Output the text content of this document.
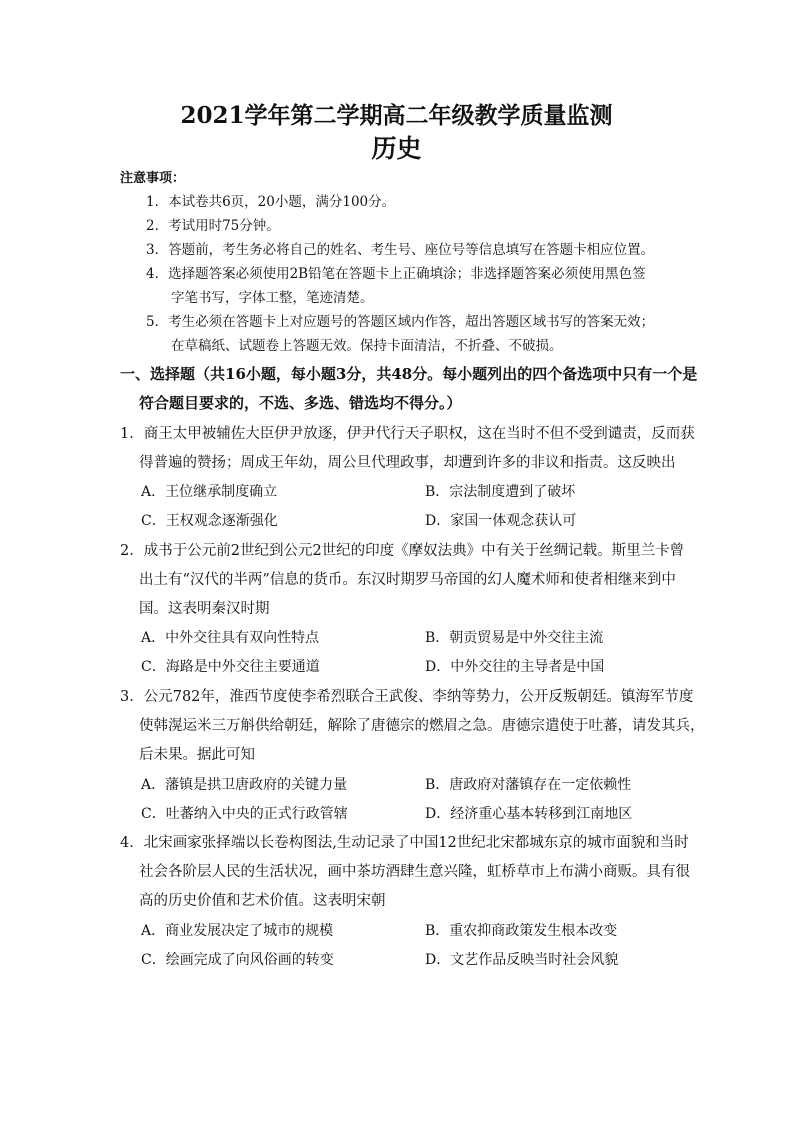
2021学年第二学期高二年级教学质量监测
历史
注意事项：
1．本试卷共6页，20小题，满分100分。
2．考试用时75分钟。
3．答题前，考生务必将自己的姓名、考生号、座位号等信息填写在答题卡相应位置。
4．选择题答案必须使用2B铅笔在答题卡上正确填涂；非选择题答案必须使用黑色签
字笔书写，字体工整，笔迹清楚。
5．考生必须在答题卡上对应题号的答题区域内作答，超出答题区域书写的答案无效；
在草稿纸、试题卷上答题无效。保持卡面清洁，不折叠、不破损。
一、选择题（共16小题，每小题3分，共48分。每小题列出的四个备选项中只有一个是
符合题目要求的，不选、多选、错选均不得分。）
1．商王太甲被辅佐大臣伊尹放逐，伊尹代行天子职权，这在当时不但不受到谴责，反而获
得普遍的赞扬；周成王年幼，周公旦代理政事，却遭到许多的非议和指责。这反映出
A．王位继承制度确立	B．宗法制度遭到了破坏
C．王权观念逐渐强化	D．家国一体观念获认可
2．成书于公元前2世纪到公元2世纪的印度《摩奴法典》中有关于丝绸记载。斯里兰卡曾
出土有“汉代的半两”信息的货币。东汉时期罗马帝国的幻人魔术师和使者相继来到中
国。这表明秦汉时期
A．中外交往具有双向性特点	B．朝贡贸易是中外交往主流
C．海路是中外交往主要通道	D．中外交往的主导者是中国
3．公元782年，淮西节度使李希烈联合王武俊、李纳等势力，公开反叛朝廷。镇海军节度
使韩滉运米三万斛供给朝廷，解除了唐德宗的燃眉之急。唐德宗遣使于吐蕃，请发其兵，
后未果。据此可知
A．藩镇是拱卫唐政府的关键力量	B．唐政府对藩镇存在一定依赖性
C．吐蕃纳入中央的正式行政管辖	D．经济重心基本转移到江南地区
4．北宋画家张择端以长卷构图法,生动记录了中国12世纪北宋都城东京的城市面貌和当时
社会各阶层人民的生活状况，画中茶坊酒肆生意兴隆，虹桥草市上布满小商贩。具有很
高的历史价值和艺术价值。这表明宋朝
A．商业发展决定了城市的规模	B．重农抑商政策发生根本改变
C．绘画完成了向风俗画的转变	D．文艺作品反映当时社会风貌
